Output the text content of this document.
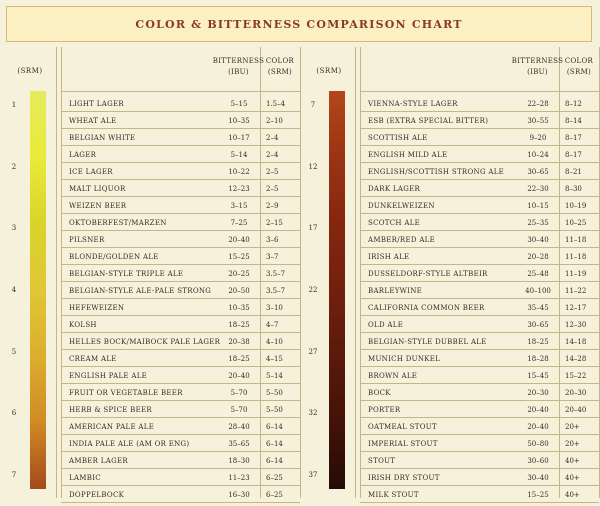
COLOR & BITTERNESS COMPARISON CHART
(SRM)
1
2
3
4
5
6
7
BITTERNESS
(IBU)
COLOR
(SRM)
LIGHT LAGER	5–15	1.5–4
WHEAT ALE	10–35	2–10
BELGIAN WHITE	10–17	2–4
LAGER	5–14	2–4
ICE LAGER	10–22	2–5
MALT LIQUOR	12–23	2–5
WEIZEN BEER	3–15	2–9
OKTOBERFEST/MARZEN	7–25	2–15
PILSNER	20–40	3–6
BLONDE/GOLDEN ALE	15–25	3–7
BELGIAN-STYLE TRIPLE ALE	20–25	3.5–7
BELGIAN-STYLE ALE-PALE STRONG	20–50	3.5–7
HEFEWEIZEN	10–35	3–10
KOLSH	18–25	4–7
HELLES BOCK/MAIBOCK PALE LAGER	20–38	4–10
CREAM ALE	18–25	4–15
ENGLISH PALE ALE	20–40	5–14
FRUIT OR VEGETABLE BEER	5–70	5–50
HERB & SPICE BEER	5–70	5–50
AMERICAN PALE ALE	28–40	6–14
INDIA PALE ALE (AM OR ENG)	35–65	6–14
AMBER LAGER	18–30	6–14
LAMBIC	11–23	6–25
DOPPELBOCK	16–30	6–25
(SRM)
7
12
17
22
27
32
37
BITTERNESS
(IBU)
COLOR
(SRM)
VIENNA-STYLE LAGER	22–28	8–12
ESB (EXTRA SPECIAL BITTER)	30–55	8–14
SCOTTISH ALE	9–20	8–17
ENGLISH MILD ALE	10–24	8–17
ENGLISH/SCOTTISH STRONG ALE	30–65	8–21
DARK LAGER	22–30	8–30
DUNKELWEIZEN	10–15	10–19
SCOTCH ALE	25–35	10–25
AMBER/RED ALE	30–40	11–18
IRISH ALE	20–28	11–18
DUSSELDORF-STYLE ALTBEIR	25–48	11–19
BARLEYWINE	40–100	11–22
CALIFORNIA COMMON BEER	35–45	12–17
OLD ALE	30–65	12–30
BELGIAN-STYLE DUBBEL ALE	18–25	14–18
MUNICH DUNKEL	18–28	14–28
BROWN ALE	15–45	15–22
BOCK	20–30	20–30
PORTER	20–40	20–40
OATMEAL STOUT	20–40	20+
IMPERIAL STOUT	50–80	20+
STOUT	30–60	40+
IRISH DRY STOUT	30–40	40+
MILK STOUT	15–25	40+
